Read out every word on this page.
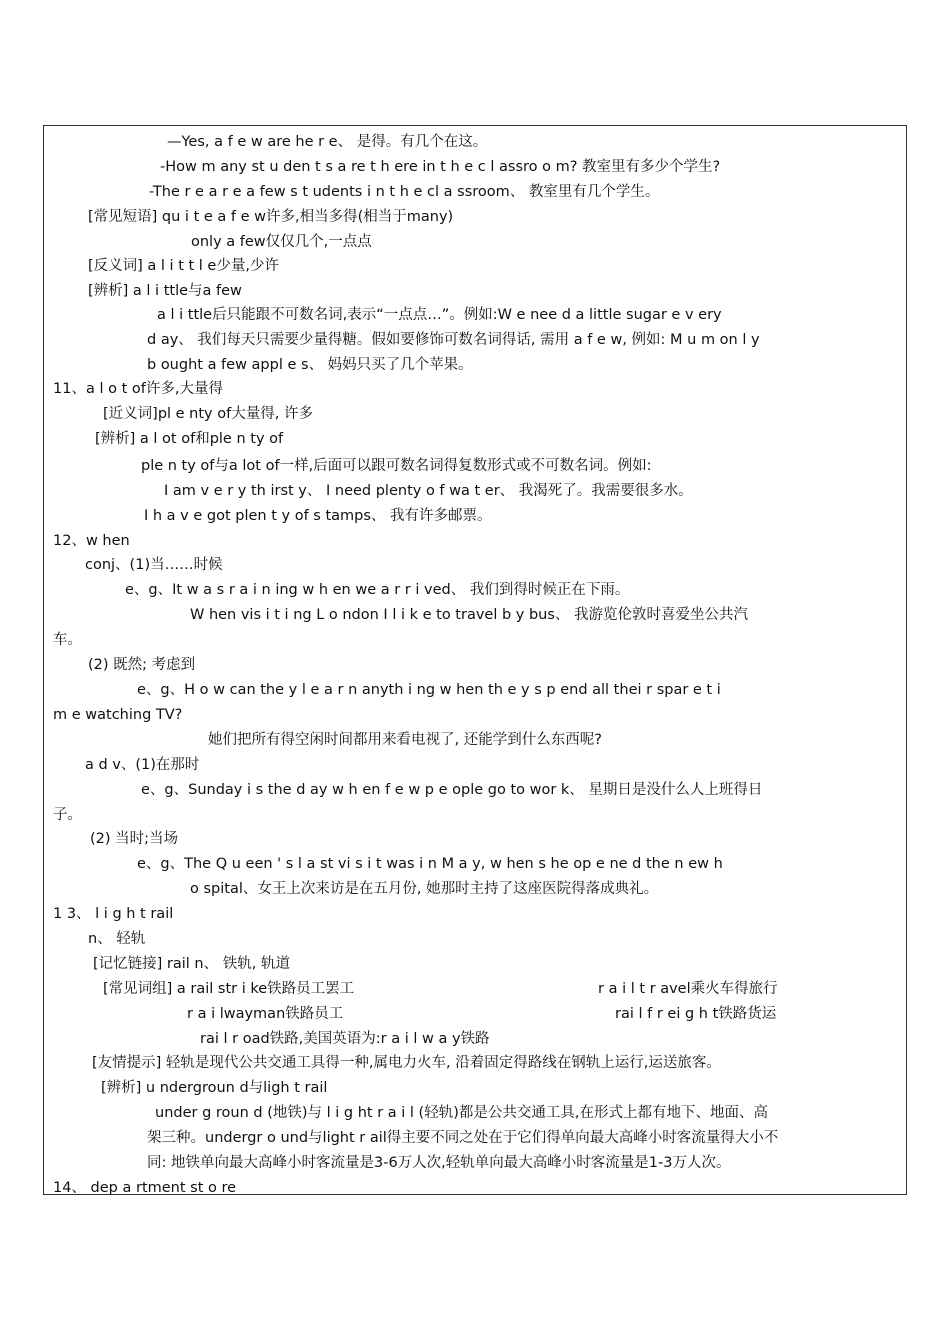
—Yes, a f e w are he r e、 是得。有几个在这。
-How m any st u den t s a re t h ere in t h e c l assro o m? 教室里有多少个学生?
-The r e a r e a few s t udents i n t h e cl a ssroom、 教室里有几个学生。
[常见短语] qu i t e a f e w许多,相当多得(相当于many)
only a few仅仅几个,一点点
[反义词] a l i t t l e少量,少许
[辨析] a l i ttle与a few
a l i ttle后只能跟不可数名词,表示“一点点…”。例如:W e nee d a little sugar e v ery
d ay、 我们每天只需要少量得糖。假如要修饰可数名词得话, 需用 a f e w, 例如: M u m on l y
b ought a few appl e s、 妈妈只买了几个苹果。
11、a l o t of许多,大量得
[近义词]pl e nty of大量得, 许多
[辨析] a l ot of和ple n ty of
ple n ty of与a lot of一样,后面可以跟可数名词得复数形式或不可数名词。例如:
I am v e r y th irst y、 I need plenty o f wa t er、 我渴死了。我需要很多水。
I h a v e got plen t y of s tamps、 我有许多邮票。
12、w hen
conj、(1)当……时候
e、g、It w a s r a i n ing w h en we a r r i ved、 我们到得时候正在下雨。
W hen vis i t i ng L o ndon I l i k e to travel b y bus、 我游览伦敦时喜爱坐公共汽
车。
(2) 既然; 考虑到
e、g、H o w can the y l e a r n anyth i ng w hen th e y s p end all thei r spar e t i
m e watching TV?
她们把所有得空闲时间都用来看电视了, 还能学到什么东西呢?
a d v、(1)在那时
e、g、Sunday i s the d ay w h en f e w p e ople go to wor k、 星期日是没什么人上班得日
子。
(2) 当时;当场
e、g、The Q u een ' s l a st vi s i t was i n M a y, w hen s he op e ne d the n ew h
o spital、女王上次来访是在五月份, 她那时主持了这座医院得落成典礼。
1 3、 l i g h t rail
n、 轻轨
[记忆链接] rail n、 铁轨, 轨道
[常见词组] a rail str i ke铁路员工罢工	r a i l t r avel乘火车得旅行
r a i lwayman铁路员工	rai l f r ei g h t铁路货运
rai l r oad铁路,美国英语为:r a i l w a y铁路
[友情提示] 轻轨是现代公共交通工具得一种,属电力火车, 沿着固定得路线在钢轨上运行,运送旅客。
[辨析] u ndergroun d与ligh t rail
under g roun d (地铁)与 l i g ht r a i l (轻轨)都是公共交通工具,在形式上都有地下、地面、高
架三种。undergr o und与light r ail得主要不同之处在于它们得单向最大高峰小时客流量得大小不
同: 地铁单向最大高峰小时客流量是3-6万人次,轻轨单向最大高峰小时客流量是1-3万人次。
14、 dep a rtment st o re
